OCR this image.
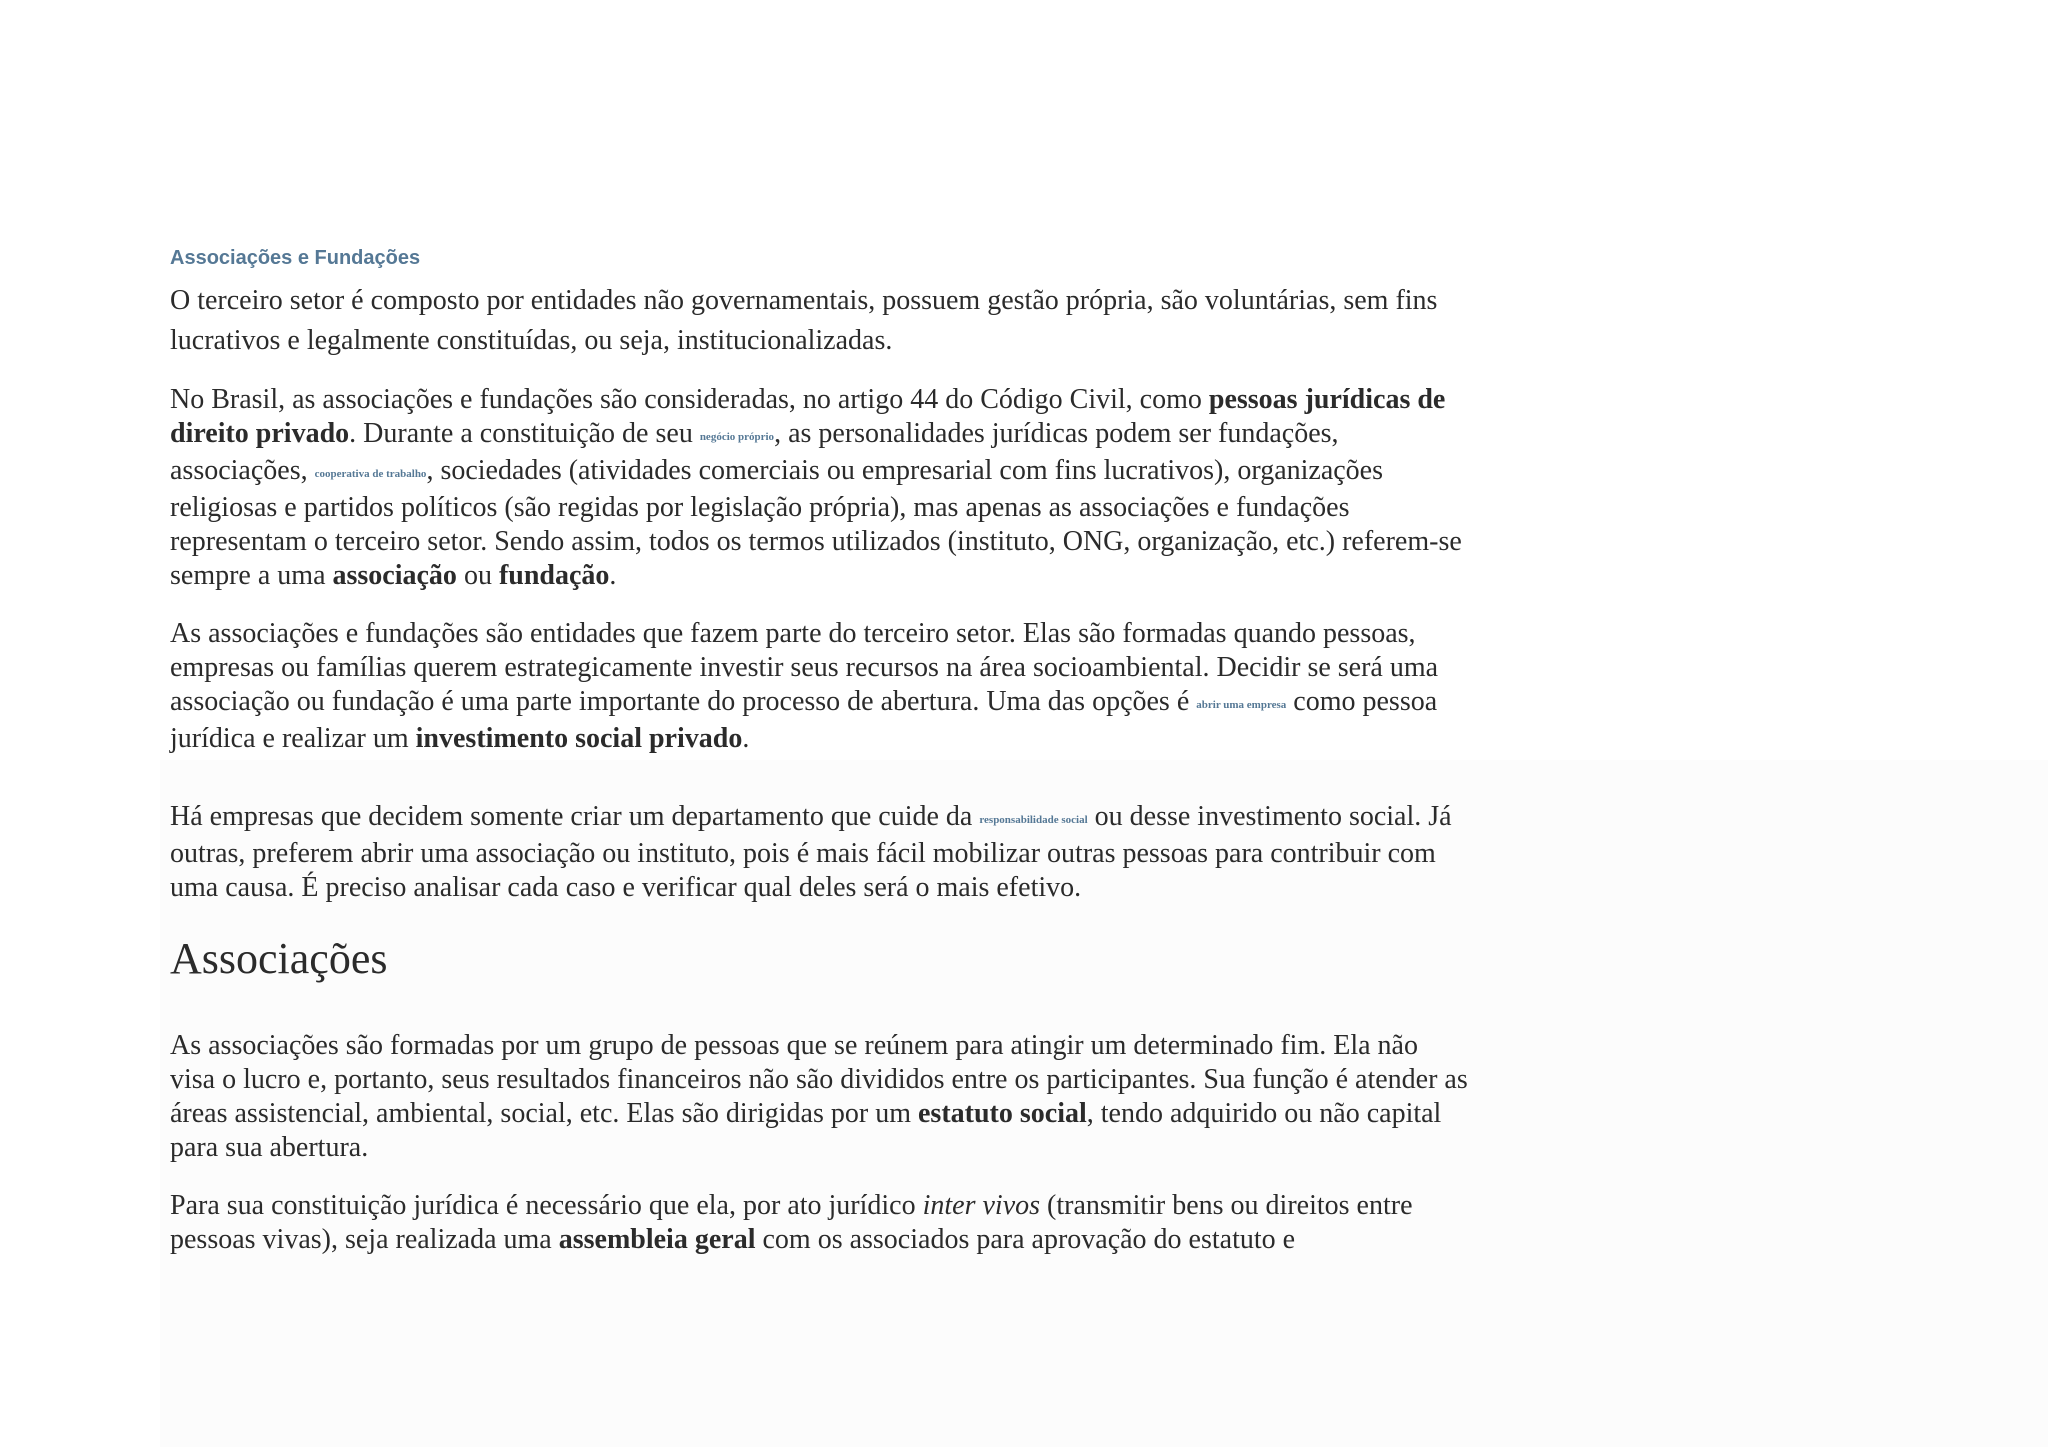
Associações e Fundações

O terceiro setor é composto por entidades não governamentais, possuem gestão própria, são voluntárias, sem fins lucrativos e legalmente constituídas, ou seja, institucionalizadas.

No Brasil, as associações e fundações são consideradas, no artigo 44 do Código Civil, como pessoas jurídicas de direito privado. Durante a constituição de seu negócio próprio, as personalidades jurídicas podem ser fundações, associações, cooperativa de trabalho, sociedades (atividades comerciais ou empresarial com fins lucrativos), organizações religiosas e partidos políticos (são regidas por legislação própria), mas apenas as associações e fundações representam o terceiro setor. Sendo assim, todos os termos utilizados (instituto, ONG, organização, etc.) referem-se sempre a uma associação ou fundação.

As associações e fundações são entidades que fazem parte do terceiro setor. Elas são formadas quando pessoas, empresas ou famílias querem estrategicamente investir seus recursos na área socioambiental. Decidir se será uma associação ou fundação é uma parte importante do processo de abertura. Uma das opções é abrir uma empresa como pessoa jurídica e realizar um investimento social privado.

Há empresas que decidem somente criar um departamento que cuide da responsabilidade social ou desse investimento social. Já outras, preferem abrir uma associação ou instituto, pois é mais fácil mobilizar outras pessoas para contribuir com uma causa. É preciso analisar cada caso e verificar qual deles será o mais efetivo.

Associações

As associações são formadas por um grupo de pessoas que se reúnem para atingir um determinado fim. Ela não visa o lucro e, portanto, seus resultados financeiros não são divididos entre os participantes. Sua função é atender as áreas assistencial, ambiental, social, etc. Elas são dirigidas por um estatuto social, tendo adquirido ou não capital para sua abertura.

Para sua constituição jurídica é necessário que ela, por ato jurídico inter vivos (transmitir bens ou direitos entre pessoas vivas), seja realizada uma assembleia geral com os associados para aprovação do estatuto e
